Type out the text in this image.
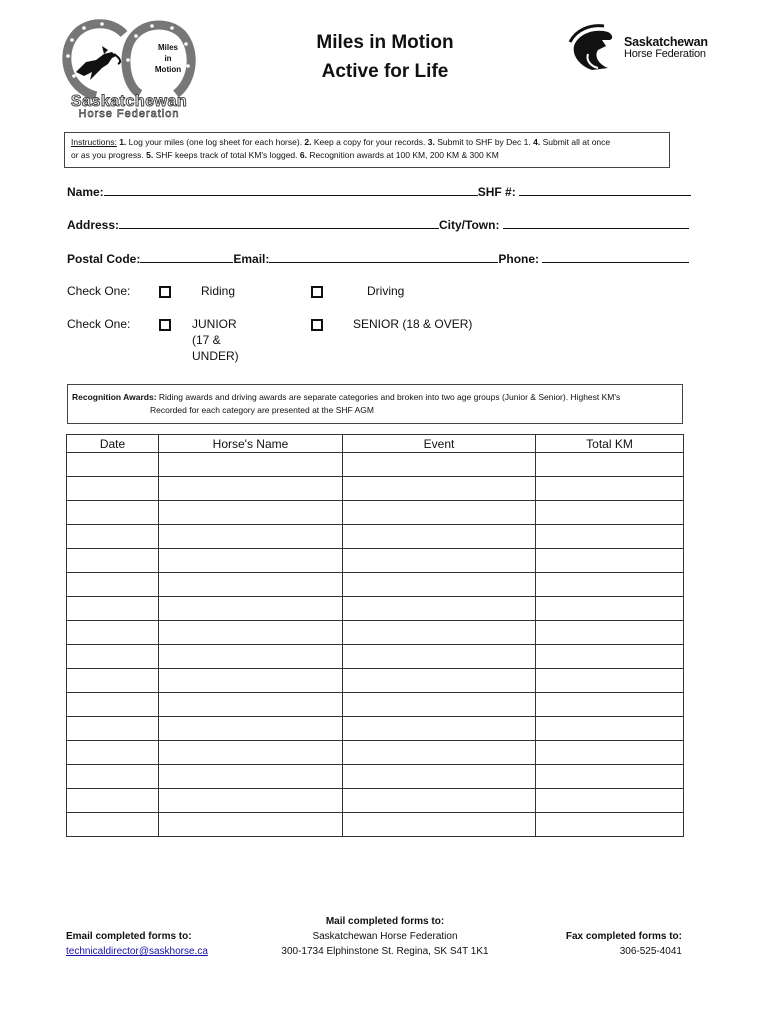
Miles
in
Motion
Saskatchewan
Horse Federation
Miles in Motion
Active for Life
Saskatchewan
Horse Federation
Instructions: 1. Log your miles (one log sheet for each horse). 2. Keep a copy for your records. 3. Submit to SHF by Dec 1. 4. Submit all at once
or as you progress. 5. SHF keeps track of total KM's logged. 6. Recognition awards at 100 KM, 200 KM & 300 KM
Name:	SHF #:
Address:	City/Town:
Postal Code:	Email:	Phone:
Check One:	Riding	Driving
Check One:	JUNIOR
(17 &
UNDER)
SENIOR (18 & OVER)
Recognition Awards: Riding awards and driving awards are separate categories and broken into two age groups (Junior & Senior). Highest KM's
Recorded for each category are presented at the SHF AGM
Date	Horse's Name	Event	Total KM

Email completed forms to:
technicaldirector@saskhorse.ca
Mail completed forms to:
Saskatchewan Horse Federation
300-1734 Elphinstone St. Regina, SK S4T 1K1
Fax completed forms to:
306-525-4041
